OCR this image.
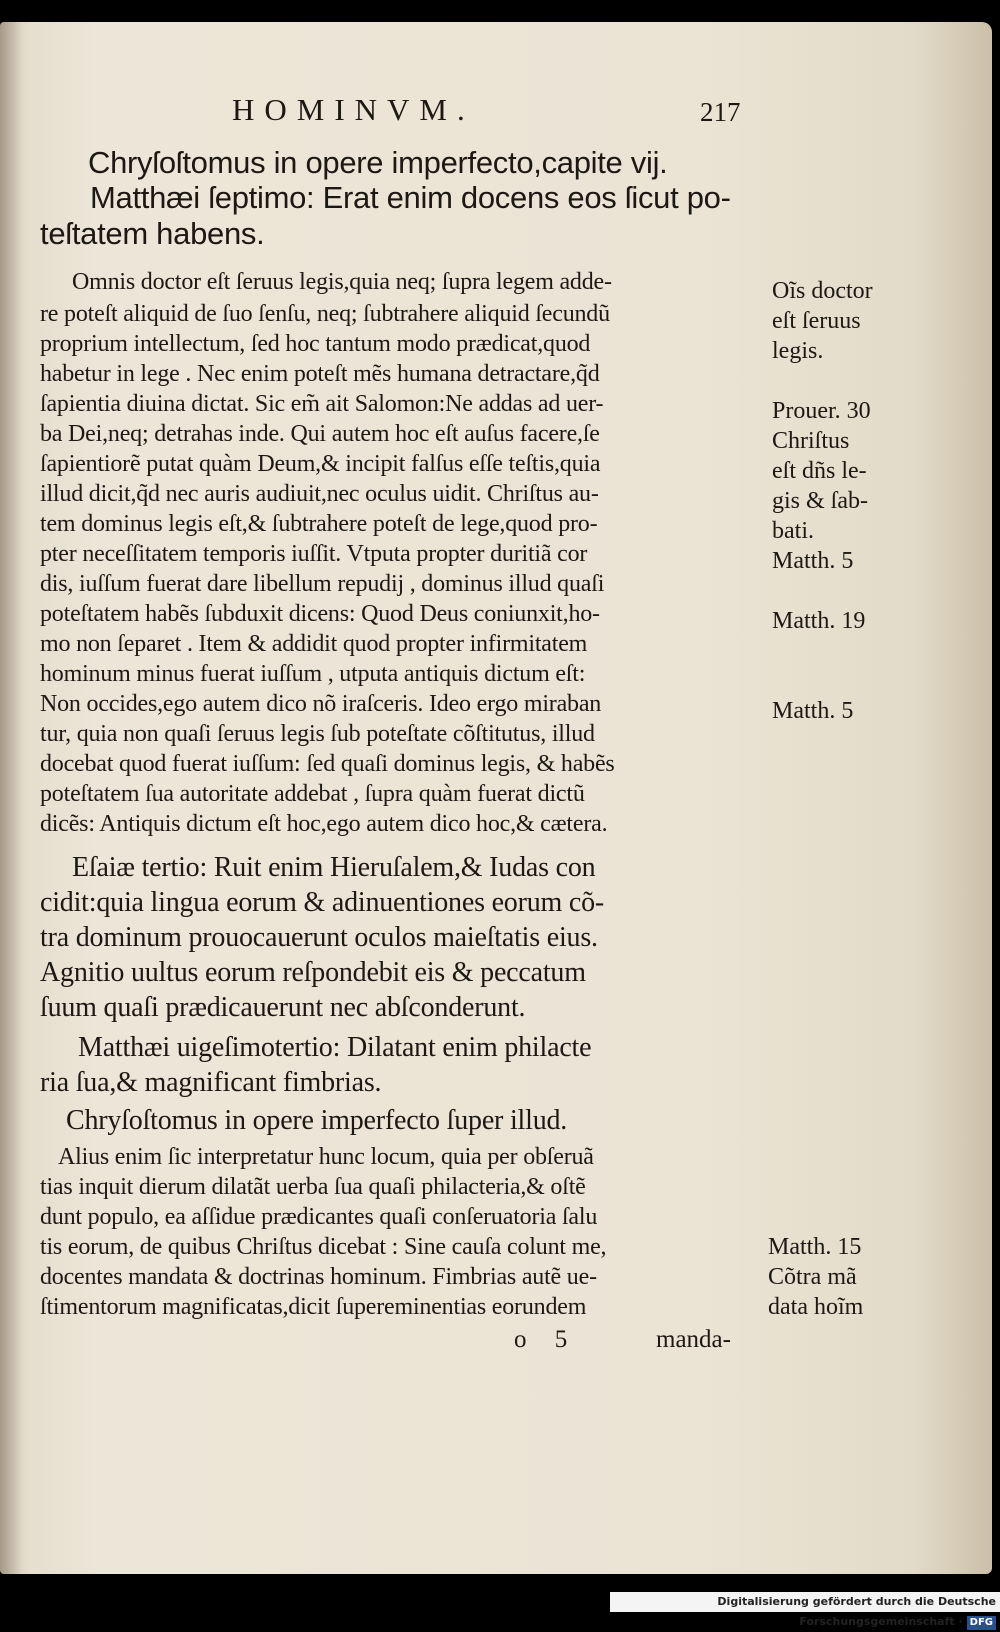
HOMINVM.	217
Chryſoſtomus in opere imperfecto,capite vij.
Matthæi ſeptimo: Erat enim docens eos ſicut po-
teſtatem habens.
Omnis doctor eſt ſeruus legis,quia neq; ſupra legem adde-
re poteſt aliquid de ſuo ſenſu, neq; ſubtrahere aliquid ſecundũ
proprium intellectum, ſed hoc tantum modo prædicat,quod
habetur in lege . Nec enim poteſt mẽs humana detractare,q̃d
ſapientia diuina dictat. Sic em̃ ait Salomon:Ne addas ad uer-
ba Dei,neq; detrahas inde. Qui autem hoc eſt auſus facere,ſe
ſapientiorẽ putat quàm Deum,& incipit falſus eſſe teſtis,quia
illud dicit,q̃d nec auris audiuit,nec oculus uidit. Chriſtus au-
tem dominus legis eſt,& ſubtrahere poteſt de lege,quod pro-
pter neceſſitatem temporis iuſſit. Vtputa propter duritiã cor
dis, iuſſum fuerat dare libellum repudij , dominus illud quaſi
poteſtatem habẽs ſubduxit dicens: Quod Deus coniunxit,ho-
mo non ſeparet . Item & addidit quod propter infirmitatem
hominum minus fuerat iuſſum , utputa antiquis dictum eſt:
Non occides,ego autem dico nõ iraſceris. Ideo ergo miraban
tur, quia non quaſi ſeruus legis ſub poteſtate cõſtitutus, illud
docebat quod fuerat iuſſum: ſed quaſi dominus legis, & habẽs
poteſtatem ſua autoritate addebat , ſupra quàm fuerat dictũ
dicẽs: Antiquis dictum eſt hoc,ego autem dico hoc,& cætera.
Eſaiæ tertio: Ruit enim Hieruſalem,& Iudas con
cidit:quia lingua eorum & adinuentiones eorum cõ-
tra dominum prouocauerunt oculos maieſtatis eius.
Agnitio uultus eorum reſpondebit eis & peccatum
ſuum quaſi prædicauerunt nec abſconderunt.
Matthæi uigeſimotertio: Dilatant enim philacte
ria ſua,& magnificant fimbrias.
Chryſoſtomus in opere imperfecto ſuper illud.
Alius enim ſic interpretatur hunc locum, quia per obſeruã
tias inquit dierum dilatãt uerba ſua quaſi philacteria,& oſtẽ
dunt populo, ea aſſidue prædicantes quaſi conſeruatoria ſalu
tis eorum, de quibus Chriſtus dicebat : Sine cauſa colunt me,
docentes mandata & doctrinas hominum. Fimbrias autẽ ue-
ſtimentorum magnificatas,dicit ſupereminentias eorundem
Oĩs doctor
eſt ſeruus
legis.
Prouer. 30
Chriſtus
eſt dñs le-
gis & ſab-
bati.
Matth. 5
Matth. 19
Matth. 5
Matth. 15
Cõtra mã
data hoĩm
o 5	manda-
Digitalisierung gefördert durch die Deutsche Forschungsgemeinschaft · DFG
